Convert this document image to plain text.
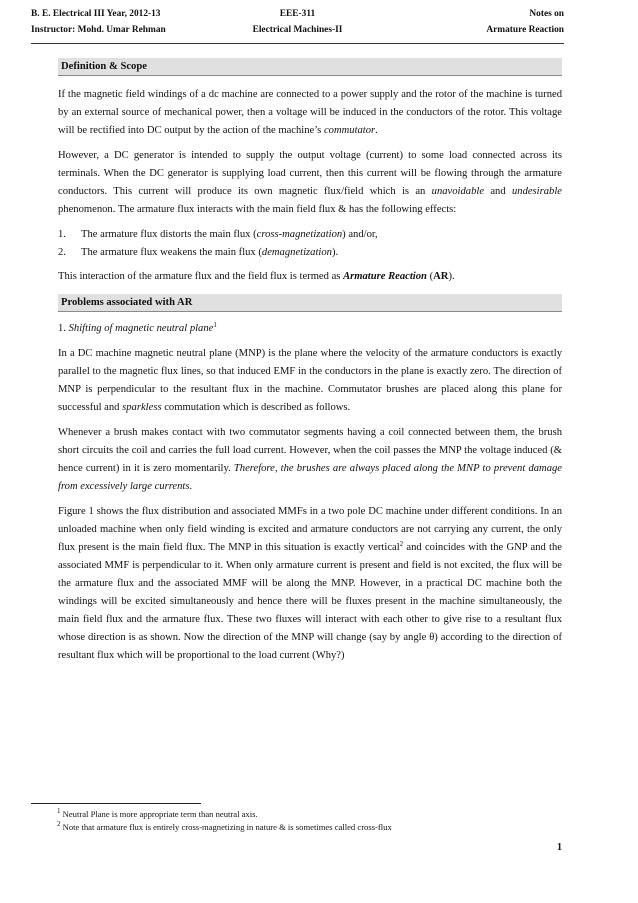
B. E. Electrical III Year, 2012-13	EEE-311	Notes on
Instructor: Mohd. Umar Rehman	Electrical Machines-II	Armature Reaction
Definition & Scope

If the magnetic field windings of a dc machine are connected to a power supply and the rotor of the machine is turned by an external source of mechanical power, then a voltage will be induced in the conductors of the rotor. This voltage will be rectified into DC output by the action of the machine’s commutator.

However, a DC generator is intended to supply the output voltage (current) to some load connected across its terminals. When the DC generator is supplying load current, then this current will be flowing through the armature conductors. This current will produce its own magnetic flux/field which is an unavoidable and undesirable phenomenon. The armature flux interacts with the main field flux & has the following effects:

1.	The armature flux distorts the main flux (cross-magnetization) and/or,
2.	The armature flux weakens the main flux (demagnetization).

This interaction of the armature flux and the field flux is termed as Armature Reaction (AR).

Problems associated with AR

1. Shifting of magnetic neutral plane$^1$

In a DC machine magnetic neutral plane (MNP) is the plane where the velocity of the armature conductors is exactly parallel to the magnetic flux lines, so that induced EMF in the conductors in the plane is exactly zero. The direction of MNP is perpendicular to the resultant flux in the machine. Commutator brushes are placed along this plane for successful and sparkless commutation which is described as follows.

Whenever a brush makes contact with two commutator segments having a coil connected between them, the brush short circuits the coil and carries the full load current. However, when the coil passes the MNP the voltage induced (& hence current) in it is zero momentarily. Therefore, the brushes are always placed along the MNP to prevent damage from excessively large currents.

Figure 1 shows the flux distribution and associated MMFs in a two pole DC machine under different conditions. In an unloaded machine when only field winding is excited and armature conductors are not carrying any current, the only flux present is the main field flux. The MNP in this situation is exactly vertical$^2$ and coincides with the GNP and the associated MMF is perpendicular to it. When only armature current is present and field is not excited, the flux will be the armature flux and the associated MMF will be along the MNP. However, in a practical DC machine both the windings will be excited simultaneously and hence there will be fluxes present in the machine simultaneously, the main field flux and the armature flux. These two fluxes will interact with each other to give rise to a resultant flux whose direction is as shown. Now the direction of the MNP will change (say by angle θ) according to the direction of resultant flux which will be proportional to the load current (Why?)

$^1$ Neutral Plane is more appropriate term than neutral axis.
$^2$ Note that armature flux is entirely cross-magnetizing in nature & is sometimes called cross-flux
1
